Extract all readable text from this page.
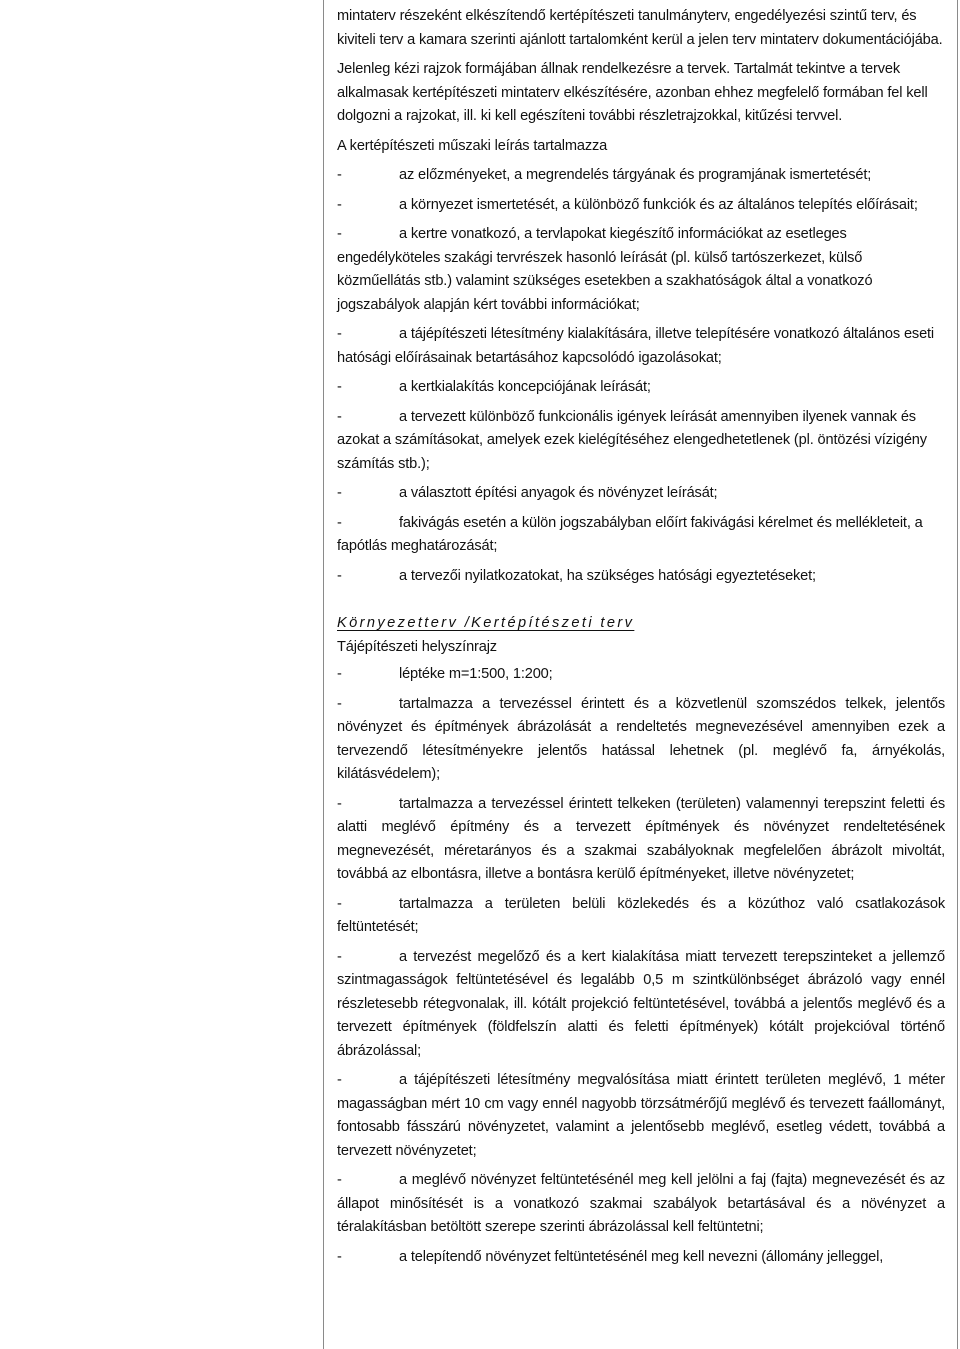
mintaterv részeként elkészítendő kertépítészeti tanulmányterv, engedélyezési szintű terv, és kiviteli terv a kamara szerinti ajánlott tartalomként kerül a jelen terv mintaterv dokumentációjába.

Jelenleg kézi rajzok formájában állnak rendelkezésre a tervek. Tartalmát tekintve a tervek alkalmasak kertépítészeti mintaterv elkészítésére, azonban ehhez megfelelő formában fel kell dolgozni a rajzokat, ill. ki kell egészíteni további részletrajzokkal, kitűzési tervvel.

A kertépítészeti műszaki leírás tartalmazza

-	az előzményeket, a megrendelés tárgyának és programjának ismertetését;

-	a környezet ismertetését, a különböző funkciók és az általános telepítés előírásait;

-	a kertre vonatkozó, a tervlapokat kiegészítő információkat az esetleges engedélyköteles szakági tervrészek hasonló leírását (pl. külső tartószerkezet, külső közműellátás stb.) valamint szükséges esetekben a szakhatóságok által a vonatkozó jogszabályok alapján kért további információkat;

-	a tájépítészeti létesítmény kialakítására, illetve telepítésére vonatkozó általános eseti hatósági előírásainak betartásához kapcsolódó igazolásokat;

-	a kertkialakítás koncepciójának leírását;

-	a tervezett különböző funkcionális igények leírását amennyiben ilyenek vannak és azokat a számításokat, amelyek ezek kielégítéséhez elengedhetetlenek (pl. öntözési vízigény számítás stb.);

-	a választott építési anyagok és növényzet leírását;

-	fakivágás esetén a külön jogszabályban előírt fakivágási kérelmet és mellékleteit, a fapótlás meghatározását;

-	a tervezői nyilatkozatokat, ha szükséges hatósági egyeztetéseket;

Környezetterv /Kertépítészeti terv

Tájépítészeti helyszínrajz

-	léptéke m=1:500, 1:200;

-	tartalmazza a tervezéssel érintett és a közvetlenül szomszédos telkek, jelentős növényzet és építmények ábrázolását a rendeltetés megnevezésével amennyiben ezek a tervezendő létesítményekre jelentős hatással lehetnek (pl. meglévő fa, árnyékolás, kilátásvédelem);

-	tartalmazza a tervezéssel érintett telkeken (területen) valamennyi terepszint feletti és alatti meglévő építmény és a tervezett építmények és növényzet rendeltetésének megnevezését, méretarányos és a szakmai szabályoknak megfelelően ábrázolt mivoltát, továbbá az elbontásra, illetve a bontásra kerülő építményeket, illetve növényzetet;

-	tartalmazza a területen belüli közlekedés és a közúthoz való csatlakozások feltüntetését;

-	a tervezést megelőző és a kert kialakítása miatt tervezett terepszinteket a jellemző szintmagasságok feltüntetésével és legalább 0,5 m szintkülönbséget ábrázoló vagy ennél részletesebb rétegvonalak, ill. kótált projekció feltüntetésével, továbbá a jelentős meglévő és a tervezett építmények (földfelszín alatti és feletti építmények) kótált projekcióval történő ábrázolással;

-	a tájépítészeti létesítmény megvalósítása miatt érintett területen meglévő, 1 méter magasságban mért 10 cm vagy ennél nagyobb törzsátmérőjű meglévő és tervezett faállományt, fontosabb fásszárú növényzetet, valamint a jelentősebb meglévő, esetleg védett, továbbá a tervezett növényzetet;

-	a meglévő növényzet feltüntetésénél meg kell jelölni a faj (fajta) megnevezését és az állapot minősítését is a vonatkozó szakmai szabályok betartásával és a növényzet a téralakításban betöltött szerepe szerinti ábrázolással kell feltüntetni;

-	a telepítendő növényzet feltüntetésénél meg kell nevezni (állomány jelleggel,
